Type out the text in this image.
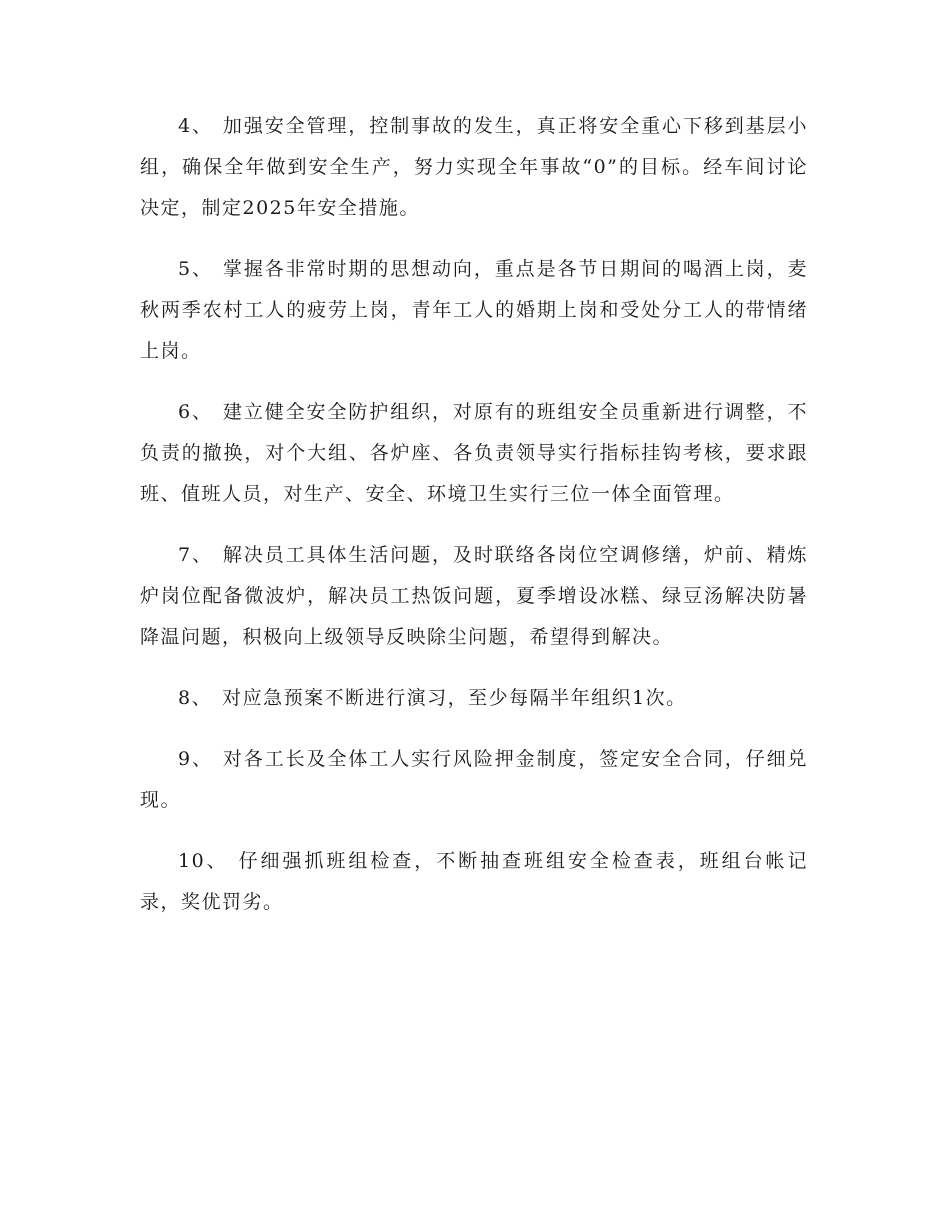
4、 加强安全管理，控制事故的发生，真正将安全重心下移到基层小组，确保全年做到安全生产，努力实现全年事故“0”的目标。经车间讨论决定，制定2025年安全措施。

5、 掌握各非常时期的思想动向，重点是各节日期间的喝酒上岗，麦秋两季农村工人的疲劳上岗，青年工人的婚期上岗和受处分工人的带情绪上岗。

6、 建立健全安全防护组织，对原有的班组安全员重新进行调整，不负责的撤换，对个大组、各炉座、各负责领导实行指标挂钩考核，要求跟班、值班人员，对生产、安全、环境卫生实行三位一体全面管理。

7、 解决员工具体生活问题，及时联络各岗位空调修缮，炉前、精炼炉岗位配备微波炉，解决员工热饭问题，夏季增设冰糕、绿豆汤解决防暑降温问题，积极向上级领导反映除尘问题，希望得到解决。

8、 对应急预案不断进行演习，至少每隔半年组织1次。

9、 对各工长及全体工人实行风险押金制度，签定安全合同，仔细兑现。

10、 仔细强抓班组检查，不断抽查班组安全检查表，班组台帐记录，奖优罚劣。
